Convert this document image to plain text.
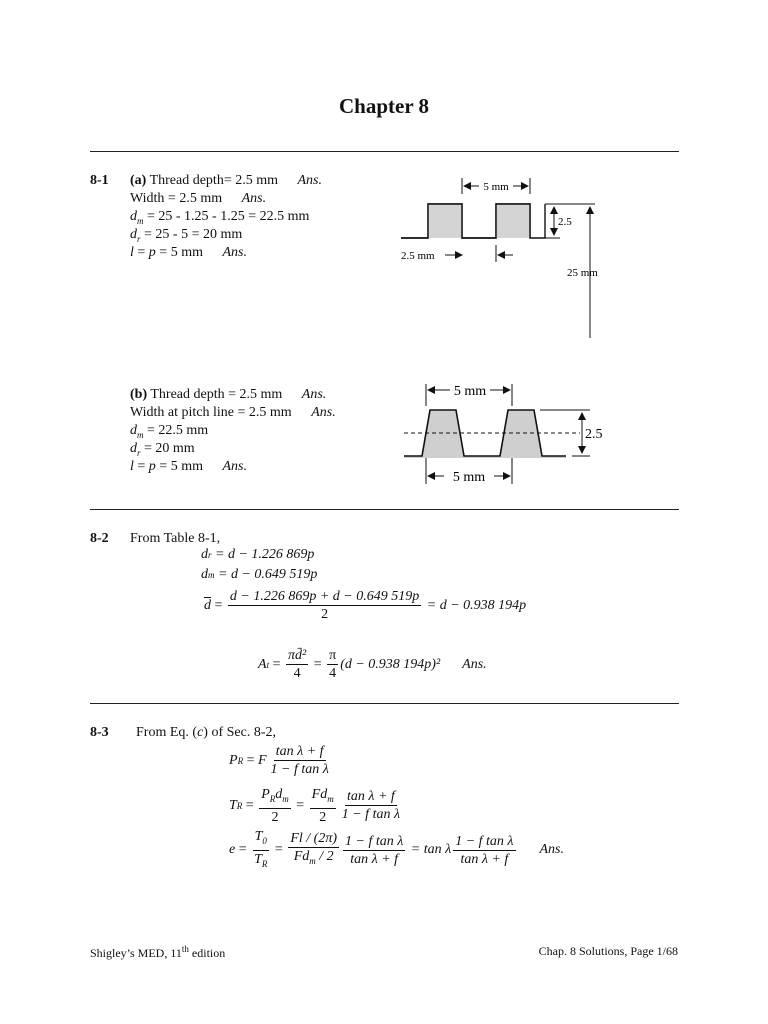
Chapter 8
8-1 (a) Thread depth= 2.5 mm Ans.
Width = 2.5 mm Ans.
$d_m = 25 - 1.25 - 1.25 = 22.5$ mm
$d_r = 25 - 5 = 20$ mm
l = p = 5 mm Ans.
5 mm
2.5
25 mm
2.5 mm
(b) Thread depth = 2.5 mm Ans.
Width at pitch line = 2.5 mm Ans.
$d_m = 22.5$ mm
$d_r = 20$ mm
l = p = 5 mm Ans.
5 mm
2.5
5 mm
8-2 From Table 8-1,
d r
= d − 1.226 869p
d m
= d − 0.649 519p
$\overline{d} = \frac{d - 1.226 869p + d - 0.649 519p}{2}$
= d − 0.938 194p
A $t = \frac{\text{πd̄²}}{4} = \frac{\pi}{4} (d - 0.938$ 194p)² Ans.
8-3 From Eq. (c) of Sec. 8-2,
P R = F $\frac{\text{tan λ + f}}{\text{1 − f tan λ}}$
T $R = \frac{P_Rd_m}{2} = \frac{Fd_m}{2} \frac{\text{tan λ + f}}{\text{1 − f tan λ}}$
$e = \frac{T_0}{T_R} = \frac{Fl / (2\pi)}{Fd_m / 2} \frac{\text{1 − f tan λ}}{\text{tan λ + f}}$
= tan λ $\frac{\text{1 − f tan λ}}{\text{tan λ + f}}$ Ans.
Shigley’s MED, 11th edition	Chap. 8 Solutions, Page 1/68
